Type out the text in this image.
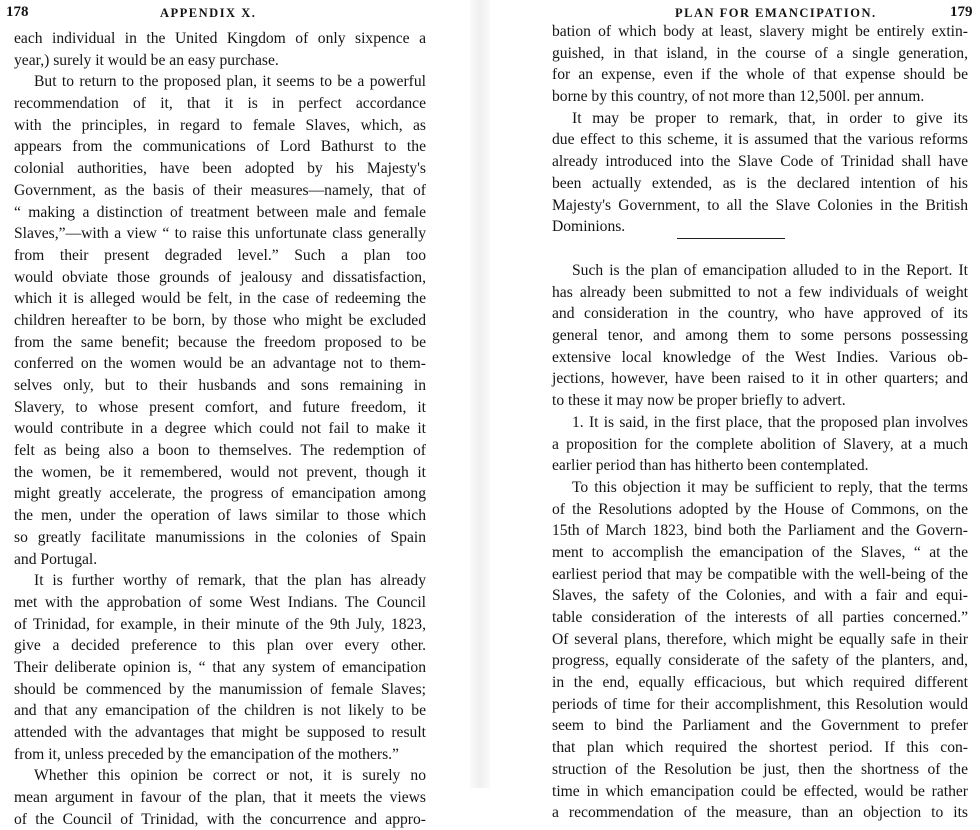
178	APPENDIX X.
each individual in the United Kingdom of only sixpence a
year,) surely it would be an easy purchase.
But to return to the proposed plan, it seems to be a powerful
recommendation of it, that it is in perfect accordance
with the principles, in regard to female Slaves, which, as
appears from the communications of Lord Bathurst to the
colonial authorities, have been adopted by his Majesty's
Government, as the basis of their measures—namely, that of
“ making a distinction of treatment between male and female
Slaves,”—with a view “ to raise this unfortunate class generally
from their present degraded level.” Such a plan too
would obviate those grounds of jealousy and dissatisfaction,
which it is alleged would be felt, in the case of redeeming the
children hereafter to be born, by those who might be excluded
from the same benefit; because the freedom proposed to be
conferred on the women would be an advantage not to them-
selves only, but to their husbands and sons remaining in
Slavery, to whose present comfort, and future freedom, it
would contribute in a degree which could not fail to make it
felt as being also a boon to themselves. The redemption of
the women, be it remembered, would not prevent, though it
might greatly accelerate, the progress of emancipation among
the men, under the operation of laws similar to those which
so greatly facilitate manumissions in the colonies of Spain
and Portugal.
It is further worthy of remark, that the plan has already
met with the approbation of some West Indians. The Council
of Trinidad, for example, in their minute of the 9th July, 1823,
give a decided preference to this plan over every other.
Their deliberate opinion is, “ that any system of emancipation
should be commenced by the manumission of female Slaves;
and that any emancipation of the children is not likely to be
attended with the advantages that might be supposed to result
from it, unless preceded by the emancipation of the mothers.”
Whether this opinion be correct or not, it is surely no
mean argument in favour of the plan, that it meets the views
of the Council of Trinidad, with the concurrence and appro-
PLAN FOR EMANCIPATION.	179
bation of which body at least, slavery might be entirely extin-
guished, in that island, in the course of a single generation,
for an expense, even if the whole of that expense should be
borne by this country, of not more than 12,500l. per annum.
It may be proper to remark, that, in order to give its
due effect to this scheme, it is assumed that the various reforms
already introduced into the Slave Code of Trinidad shall have
been actually extended, as is the declared intention of his
Majesty's Government, to all the Slave Colonies in the British
Dominions.
Such is the plan of emancipation alluded to in the Report. It
has already been submitted to not a few individuals of weight
and consideration in the country, who have approved of its
general tenor, and among them to some persons possessing
extensive local knowledge of the West Indies. Various ob-
jections, however, have been raised to it in other quarters; and
to these it may now be proper briefly to advert.
1. It is said, in the first place, that the proposed plan involves
a proposition for the complete abolition of Slavery, at a much
earlier period than has hitherto been contemplated.
To this objection it may be sufficient to reply, that the terms
of the Resolutions adopted by the House of Commons, on the
15th of March 1823, bind both the Parliament and the Govern-
ment to accomplish the emancipation of the Slaves, “ at the
earliest period that may be compatible with the well-being of the
Slaves, the safety of the Colonies, and with a fair and equi-
table consideration of the interests of all parties concerned.”
Of several plans, therefore, which might be equally safe in their
progress, equally considerate of the safety of the planters, and,
in the end, equally efficacious, but which required different
periods of time for their accomplishment, this Resolution would
seem to bind the Parliament and the Government to prefer
that plan which required the shortest period. If this con-
struction of the Resolution be just, then the shortness of the
time in which emancipation could be effected, would be rather
a recommendation of the measure, than an objection to its
